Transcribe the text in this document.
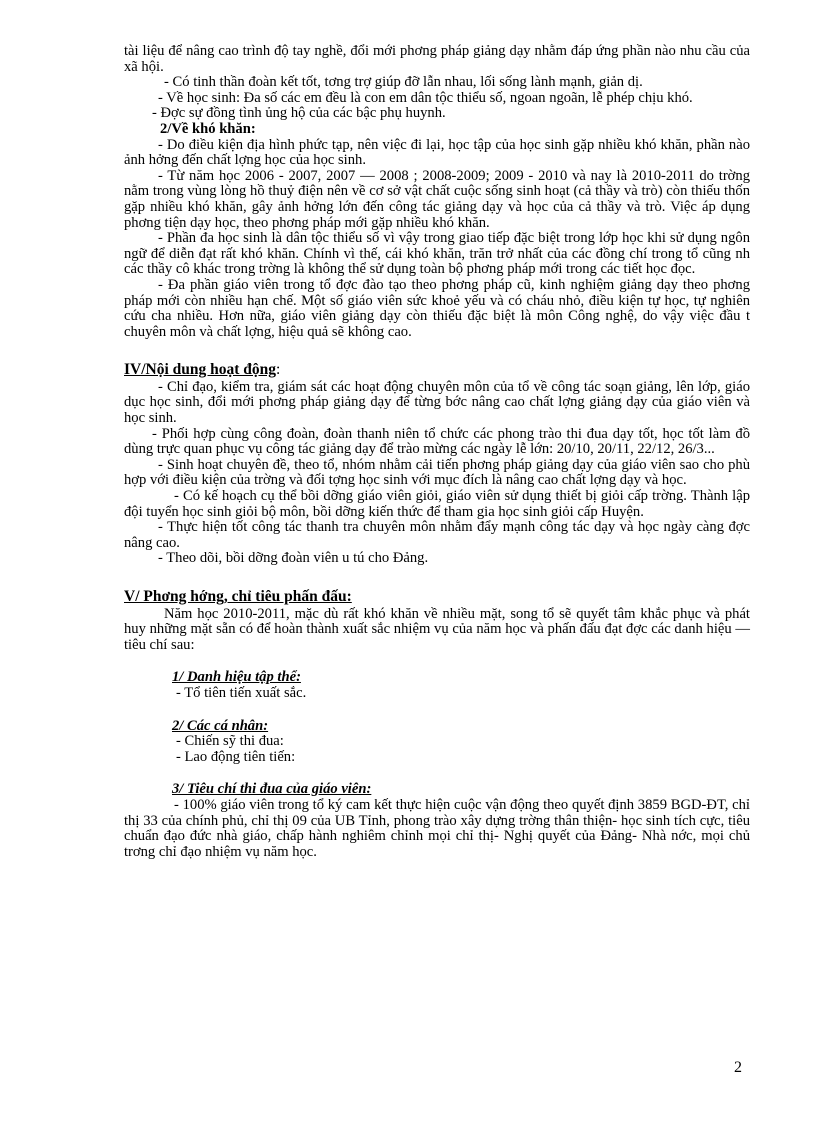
tài liệu để nâng cao trình độ tay nghề, đổi mới phơng pháp giảng dạy nhằm đáp ứng phần nào nhu cầu của xã hội.

- Có tinh thần đoàn kết tốt, tơng trợ giúp đỡ lẫn nhau, lối sống lành mạnh, giản dị.

- Về học sinh: Đa số các em đều là con em dân tộc thiểu số, ngoan ngoãn, lễ phép chịu khó.

- Đợc sự đồng tình ủng hộ của các bậc phụ huynh.

2/Về khó khăn:

- Do điều kiện địa hình phức tạp, nên việc đi lại, học tập của học sinh gặp nhiều khó khăn, phần nào ảnh hởng đến chất lợng học của học sinh.

- Từ năm học 2006 - 2007, 2007 — 2008 ; 2008-2009; 2009 - 2010 và nay là 2010-2011 do trờng nằm trong vùng lòng hồ thuỷ điện nên về cơ sở vật chất cuộc sống sinh hoạt (cả thầy và trò) còn thiếu thốn gặp nhiều khó khăn, gây ảnh hởng lớn đến công tác giảng dạy và học của cả thầy và trò. Việc áp dụng phơng tiện dạy học, theo phơng pháp mới gặp nhiều khó khăn.

- Phần đa học sinh là dân tộc thiểu số vì vậy trong giao tiếp đặc biệt trong lớp học khi sử dụng ngôn ngữ để diễn đạt rất khó khăn. Chính vì thế, cái khó khăn, trăn trở nhất của các đồng chí trong tổ cũng nh các thầy cô khác trong trờng là không thể sử dụng toàn bộ phơng pháp mới trong các tiết học đọc.

- Đa phần giáo viên trong tổ đợc đào tạo theo phơng pháp cũ, kinh nghiệm giảng dạy theo phơng pháp mới còn nhiều hạn chế. Một số giáo viên sức khoẻ yếu và có cháu nhỏ, điều kiện tự học, tự nghiên cứu cha nhiều. Hơn nữa, giáo viên giảng dạy còn thiếu đặc biệt là môn Công nghệ, do vậy việc đầu t chuyên môn và chất lợng, hiệu quả sẽ không cao.

IV/Nội dung hoạt động:

- Chỉ đạo, kiểm tra, giám sát các hoạt động chuyên môn của tổ về công tác soạn giảng, lên lớp, giáo dục học sinh, đổi mới phơng pháp giảng dạy để từng bớc nâng cao chất lợng giảng dạy của giáo viên và học sinh.

- Phối hợp cùng công đoàn, đoàn thanh niên tổ chức các phong trào thi đua dạy tốt, học tốt làm đồ dùng trực quan phục vụ công tác giảng dạy để trào mừng các ngày lễ lớn: 20/10, 20/11, 22/12, 26/3...

- Sinh hoạt chuyên đề, theo tổ, nhóm nhằm cải tiến phơng pháp giảng dạy của giáo viên sao cho phù hợp với điều kiện của trờng và đối tợng học sinh với mục đích là nâng cao chất lợng dạy và học.

- Có kế hoạch cụ thể bồi dỡng giáo viên giỏi, giáo viên sử dụng thiết bị giỏi cấp trờng. Thành lập đội tuyển học sinh giỏi bộ môn, bồi dỡng kiến thức để tham gia học sinh giỏi cấp Huyện.

- Thực hiện tốt công tác thanh tra chuyên môn nhằm đẩy mạnh công tác dạy và học ngày càng đợc nâng cao.

- Theo dõi, bồi dỡng đoàn viên u tú cho Đảng.

V/ Phơng hớng, chỉ tiêu phấn đấu:

Năm học 2010-2011, mặc dù rất khó khăn về nhiều mặt, song tổ sẽ quyết tâm khắc phục và phát huy những mặt sẵn có để hoàn thành xuất sắc nhiệm vụ của năm học và phấn đấu đạt đợc các danh hiệu — tiêu chí sau:

1/ Danh hiệu tập thể:
- Tổ tiên tiến xuất sắc.
2/ Các cá nhân:
- Chiến sỹ thi đua:
- Lao động tiên tiến:
3/ Tiêu chí thi đua của giáo viên:

- 100% giáo viên trong tổ ký cam kết thực hiện cuộc vận động theo quyết định 3859 BGD-ĐT, chỉ thị 33 của chính phủ, chỉ thị 09 của UB Tỉnh, phong trào xây dựng trờng thân thiện- học sinh tích cực, tiêu chuẩn đạo đức nhà giáo, chấp hành nghiêm chỉnh mọi chỉ thị- Nghị quyết của Đảng- Nhà nớc, mọi chủ trơng chỉ đạo nhiệm vụ năm học.

2
